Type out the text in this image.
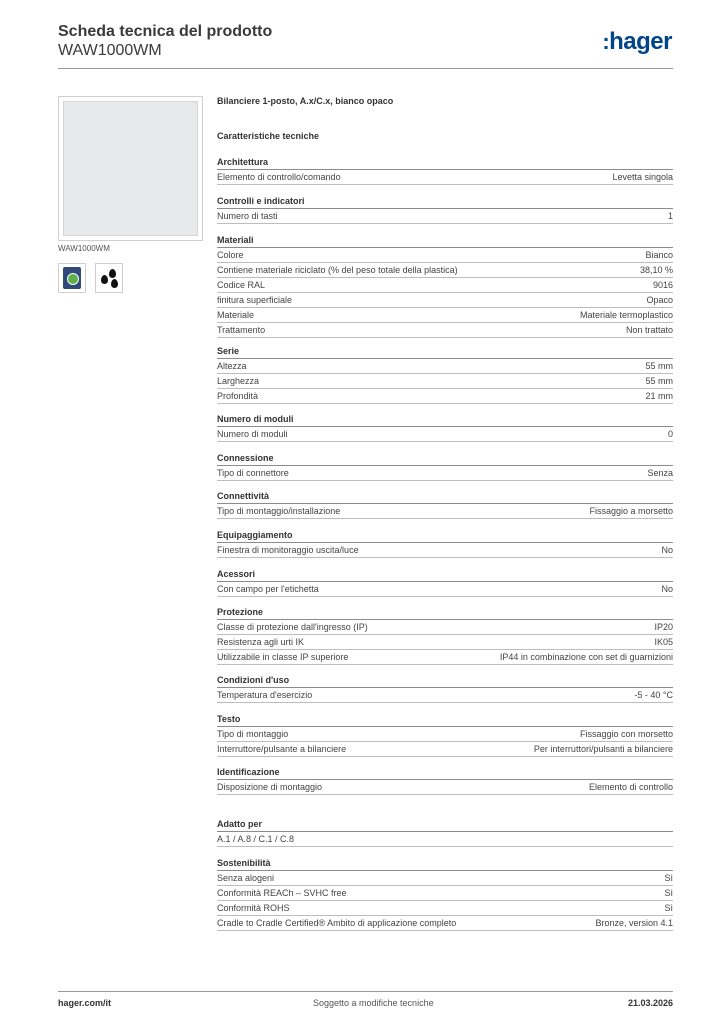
Scheda tecnica del prodotto
WAW1000WM	:hager
WAW1000WM
Bilanciere 1-posto, A.x/C.x, bianco opaco
Caratteristiche tecniche
Architettura
Elemento di controllo/comando	Levetta singola
Controlli e indicatori
Numero di tasti	1
Materiali
Colore	Bianco
Contiene materiale riciclato (% del peso totale della plastica)	38,10 %
Codice RAL	9016
finitura superficiale	Opaco
Materiale	Materiale termoplastico
Trattamento	Non trattato
Serie
Altezza	55 mm
Larghezza	55 mm
Profondità	21 mm
Numero di moduli
Numero di moduli	0
Connessione
Tipo di connettore	Senza
Connettività
Tipo di montaggio/installazione	Fissaggio a morsetto
Equipaggiamento
Finestra di monitoraggio uscita/luce	No
Acessori
Con campo per l'etichetta	No
Protezione
Classe di protezione dall'ingresso (IP)	IP20
Resistenza agli urti IK	IK05
Utilizzabile in classe IP superiore	IP44 in combinazione con set di guarnizioni
Condizioni d'uso
Temperatura d'esercizio	-5 - 40 °C
Testo
Tipo di montaggio	Fissaggio con morsetto
Interruttore/pulsante a bilanciere	Per interruttori/pulsanti a bilanciere
Identificazione
Disposizione di montaggio	Elemento di controllo
Adatto per
A.1 / A.8 / C.1 / C.8
Sostenibilità
Senza alogeni	Sì
Conformità REACh – SVHC free	Sì
Conformità ROHS	Sì
Cradle to Cradle Certified® Ambito di applicazione completo	Bronze, version 4.1
hager.com/it	Soggetto a modifiche tecniche	21.03.2026
